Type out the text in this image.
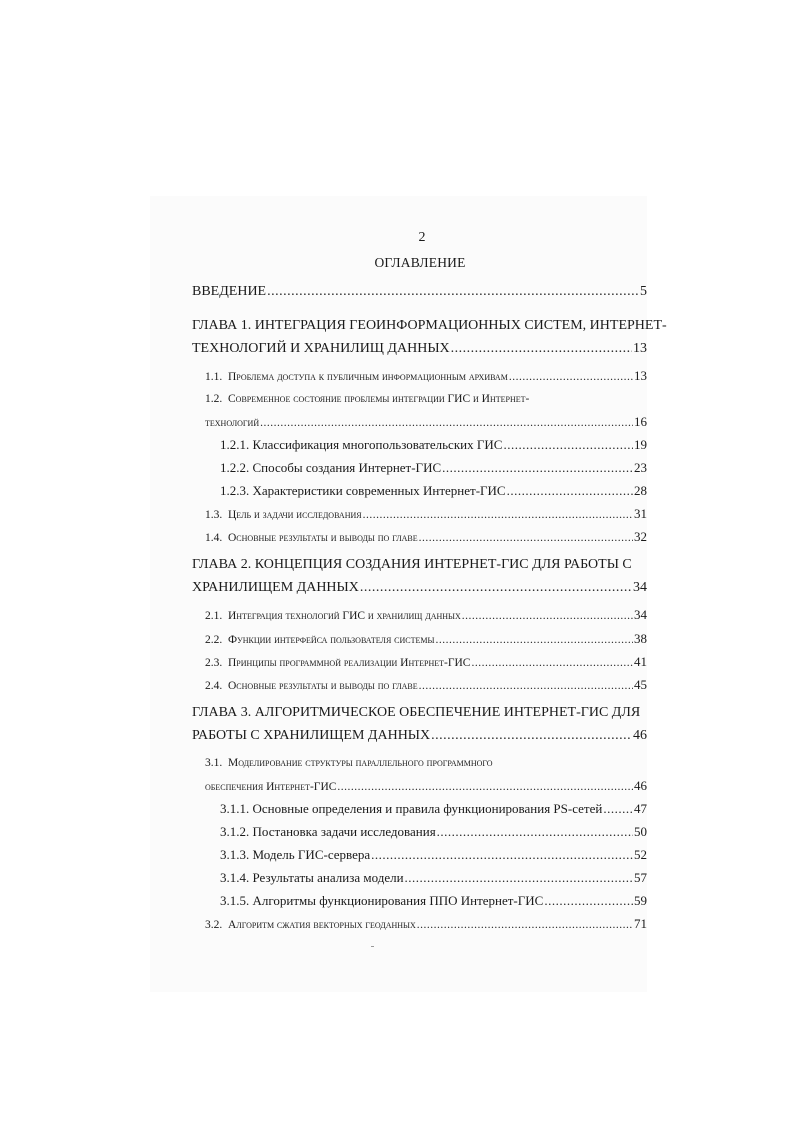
2
ОГЛАВЛЕНИЕ
ВВЕДЕНИЕ .....	5
ГЛАВА 1. ИНТЕГРАЦИЯ ГЕОИНФОРМАЦИОННЫХ СИСТЕМ, ИНТЕРНЕТ-
ТЕХНОЛОГИЙ И ХРАНИЛИЩ ДАННЫХ .....	13
1.1. Проблема доступа к публичным информационным архивам .....	13
1.2. Современное состояние проблемы интеграции ГИС и Интернет-
технологий .....	16
1.2.1. Классификация многопользовательских ГИС .....	19
1.2.2. Способы создания Интернет-ГИС .....	23
1.2.3. Характеристики современных Интернет-ГИС .....	28
1.3. Цель и задачи исследования .....	31
1.4. Основные результаты и выводы по главе .....	32
ГЛАВА 2. КОНЦЕПЦИЯ СОЗДАНИЯ ИНТЕРНЕТ-ГИС ДЛЯ РАБОТЫ С
ХРАНИЛИЩЕМ ДАННЫХ .....	34
2.1. Интеграция технологий ГИС и хранилищ данных .....	34
2.2. Функции интерфейса пользователя системы .....	38
2.3. Принципы программной реализации Интернет-ГИС .....	41
2.4. Основные результаты и выводы по главе .....	45
ГЛАВА 3. АЛГОРИТМИЧЕСКОЕ ОБЕСПЕЧЕНИЕ ИНТЕРНЕТ-ГИС ДЛЯ
РАБОТЫ С ХРАНИЛИЩЕМ ДАННЫХ .....	46
3.1. Моделирование структуры параллельного программного
обеспечения Интернет-ГИС .....	46
3.1.1. Основные определения и правила функционирования PS-сетей ..... 47
3.1.2. Постановка задачи исследования .....	50
3.1.3. Модель ГИС-сервера .....	52
3.1.4. Результаты анализа модели .....	57
3.1.5. Алгоритмы функционирования ППО Интернет-ГИС .....	59
3.2. Алгоритм сжатия векторных геоданных .....	71
